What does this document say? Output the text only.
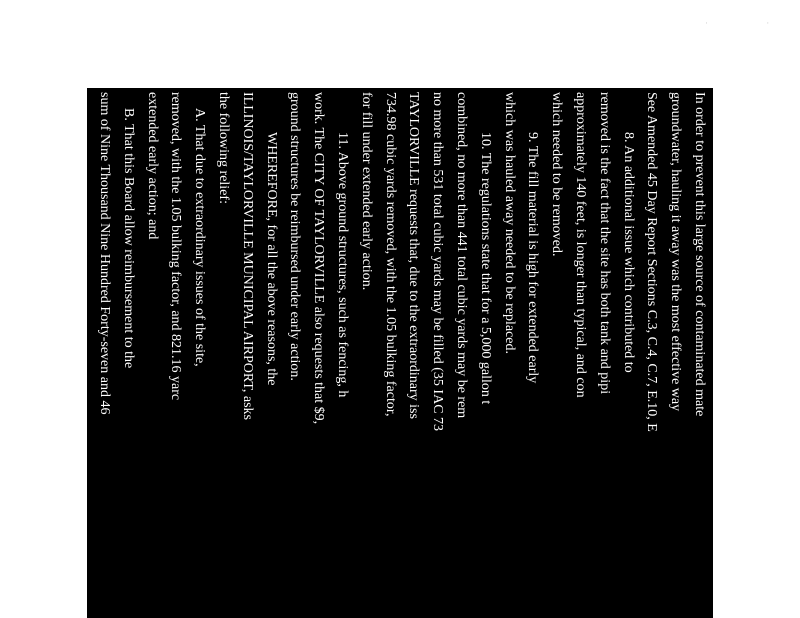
In order to prevent this large source of contaminated mate
groundwater, hauling it away was the most effective way
See Amended 45 Day Report Sections C.3, C.4, C.7, E.10, E
8. An additional issue which contributed to
removed is the fact that the site has both tank and pipi
approximately 140 feet, is longer than typical, and con
which needed to be removed.
9. The fill material is high for extended early
which was hauled away needed to be replaced.
10. The regulations state that for a 5,000 gallon t
combined, no more than 441 total cubic yards may be rem
no more than 531 total cubic yards may be filled (35 IAC 73
TAYLORVILLE requests that, due to the extraordinary iss
734.98 cubic yards removed, with the 1.05 bulking factor,
for fill under extended early action.
11. Above ground structures, such as fencing, h
work. The CITY OF TAYLORVILLE also requests that $9,
ground structures be reimbursed under early action.
WHEREFORE, for all the above reasons, the
ILLINOIS/TAYLORVILLE MUNICIPAL AIRPORT, asks
the following relief:
A. That due to extraordinary issues of the site,
removed, with the 1.05 bulking factor, and 821.16 yarc
extended early action; and
B. That this Board allow reimbursement to the
sum of Nine Thousand Nine Hundred Forty-seven and 46
reimbursement of above ground structures that had to be c
limited to, fencing; and
C. That this Board award the CITY OF TAYLOR
relief as it deems equitable and just.
· ·
